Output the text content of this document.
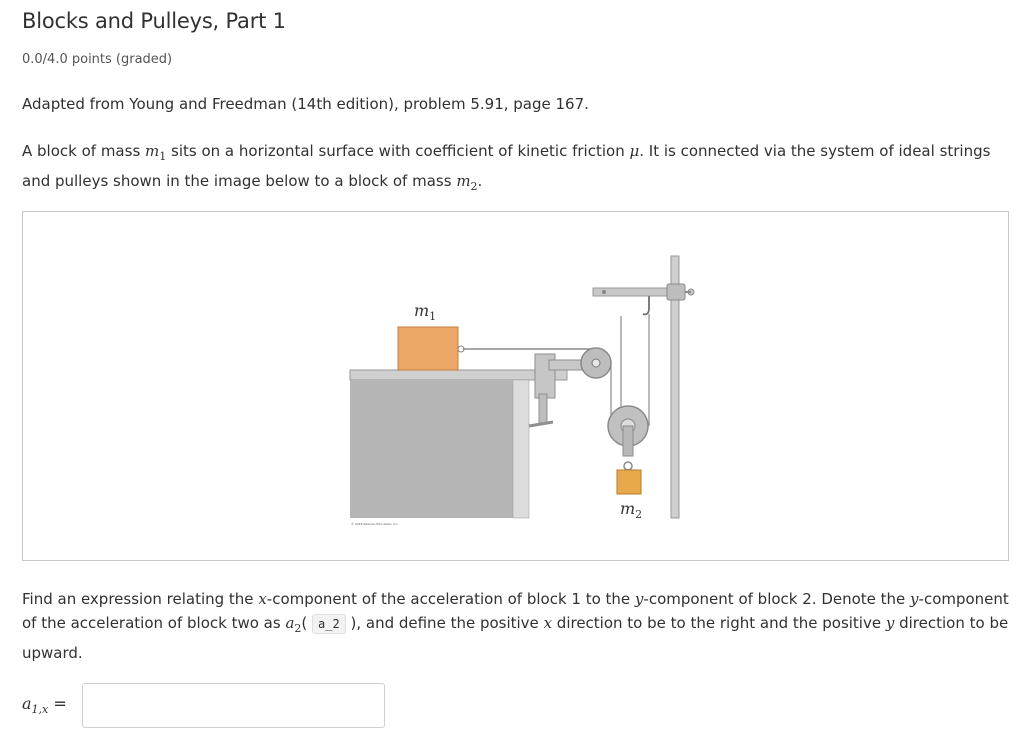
Blocks and Pulleys, Part 1
0.0/4.0 points (graded)
Adapted from Young and Freedman (14th edition), problem 5.91, page 167.
A block of mass $m_1$ sits on a horizontal surface with coefficient of kinetic friction μ. It is connected via the system of ideal strings and pulleys shown in the image below to a block of mass $m_2$.
$m_1$
$m_2$
© 2016 Pearson Education, Inc.
Find an expression relating the x-component of the acceleration of block 1 to the y-component of block 2. Denote the y-component of the acceleration of block two as $a_2$( a_2 ), and define the positive x direction to be to the right and the positive y direction to be upward.
$a_{1,x}$ =
